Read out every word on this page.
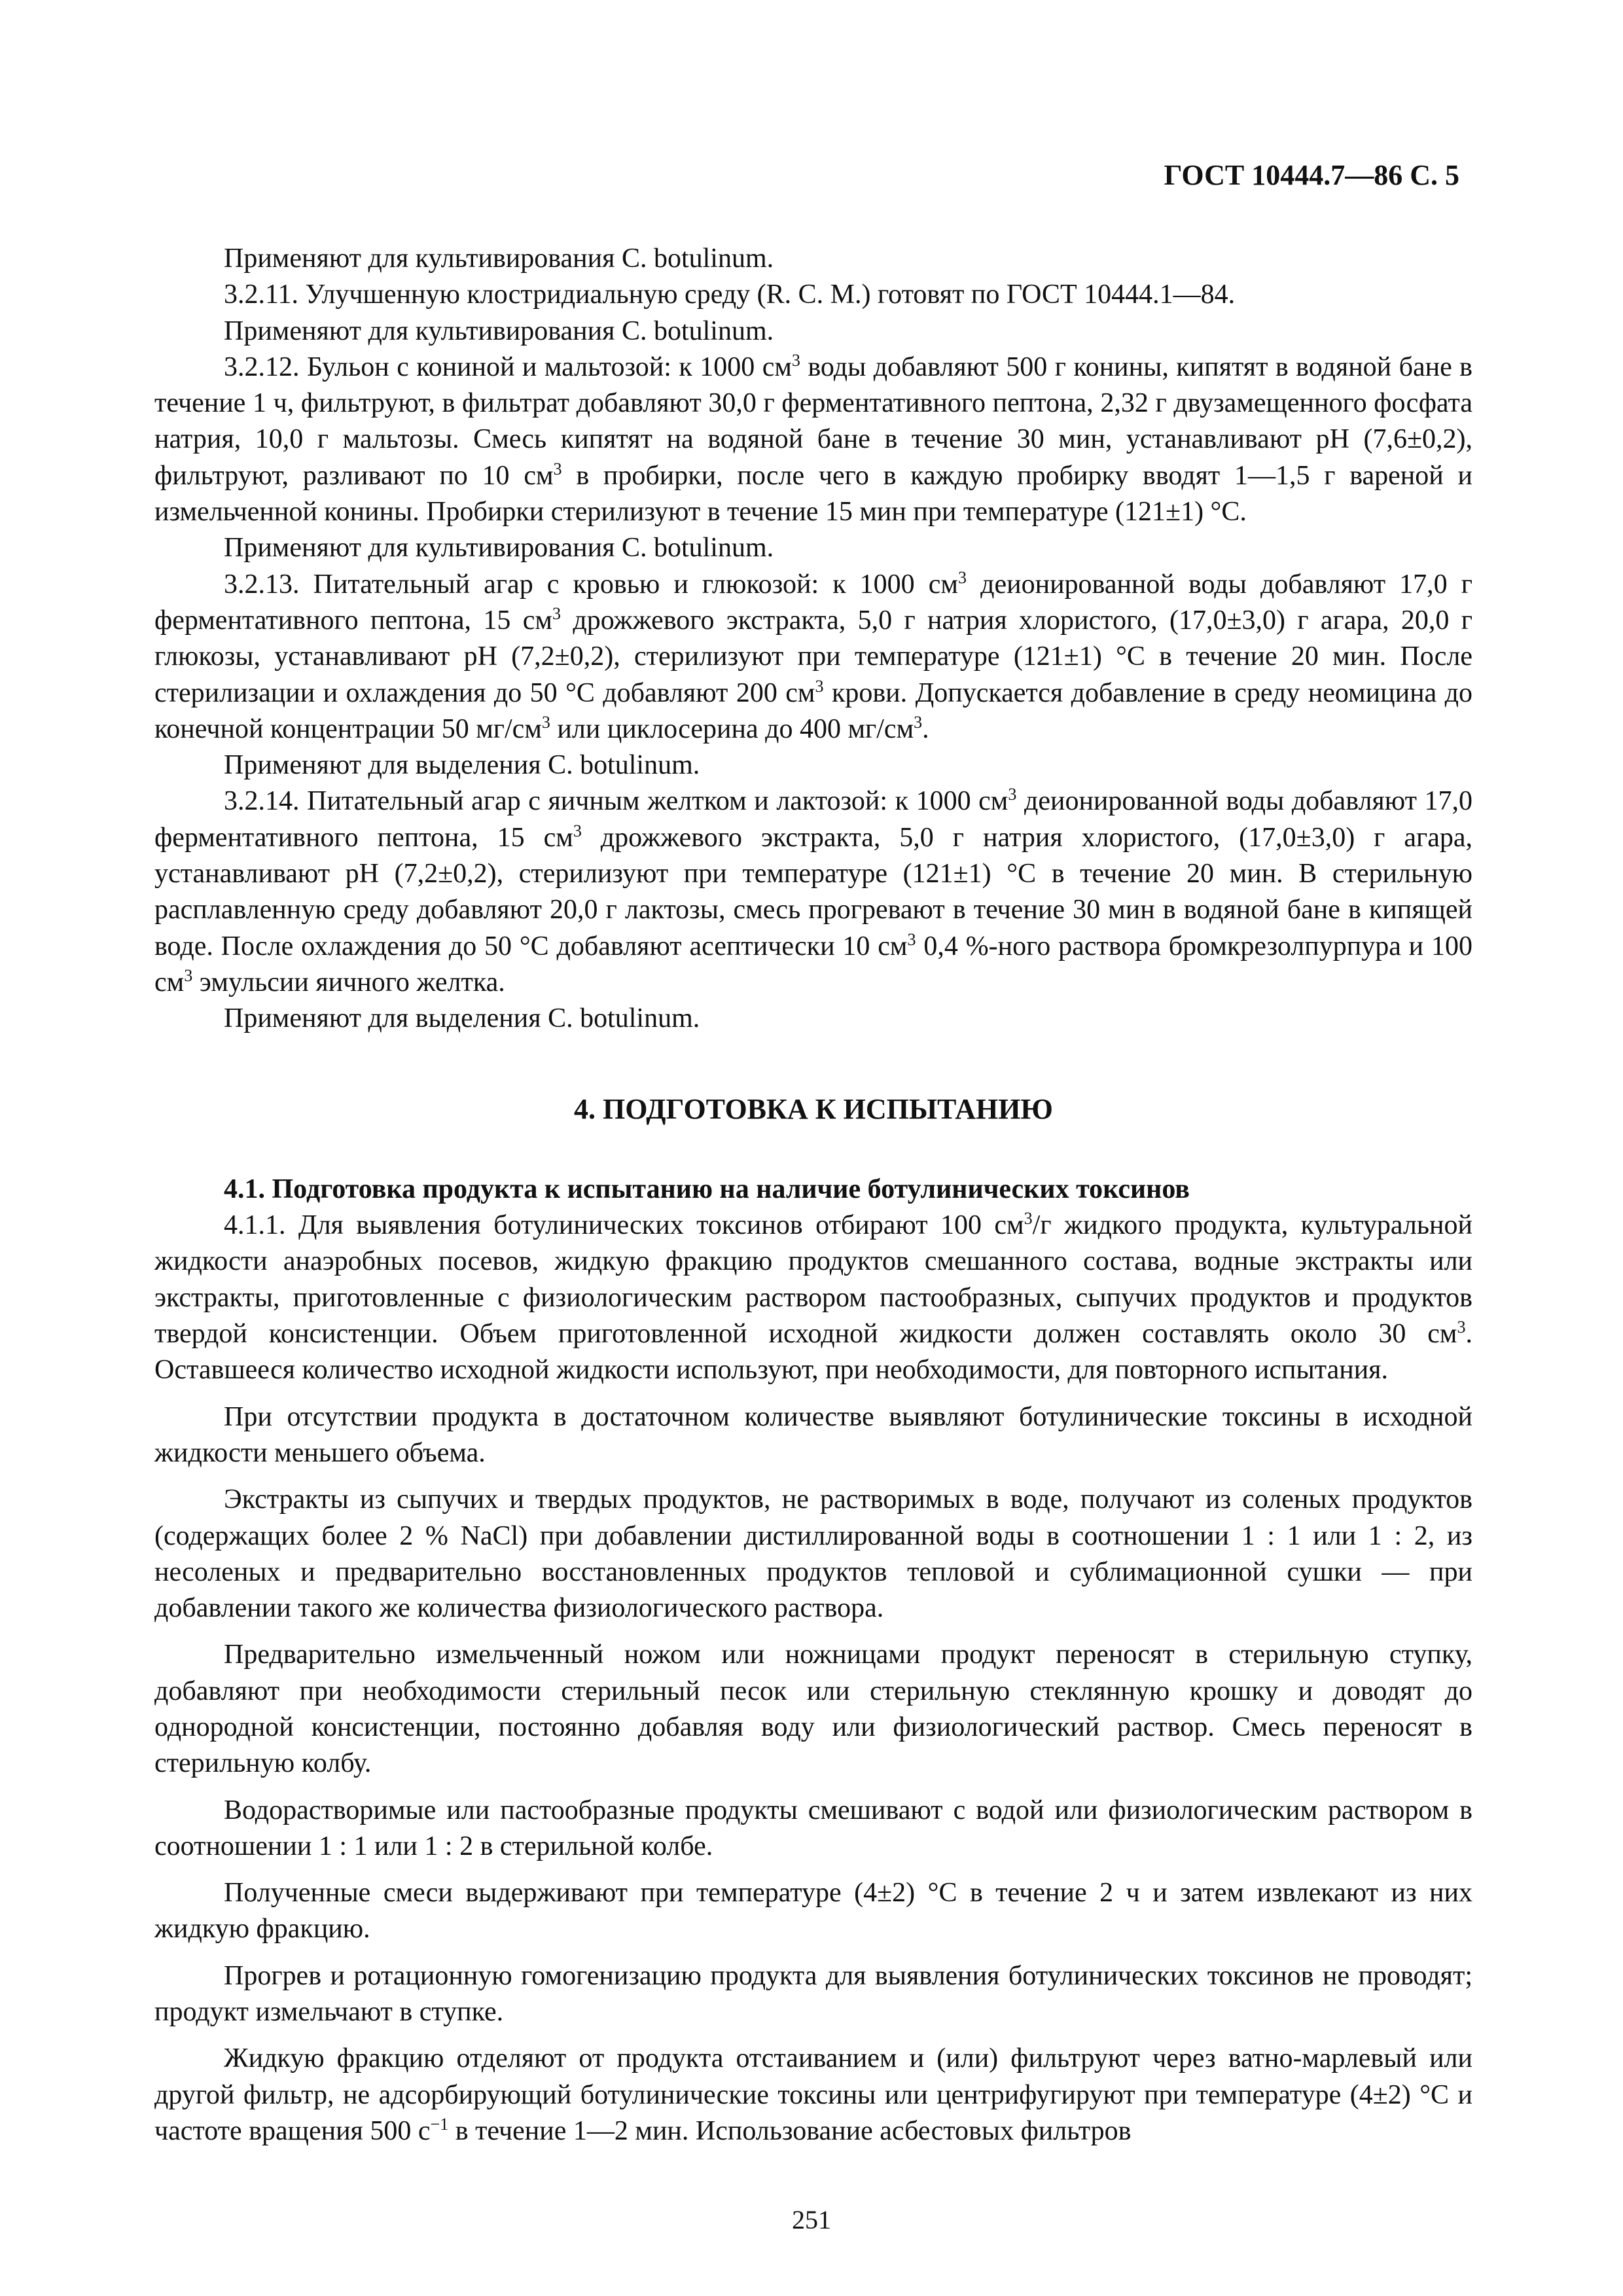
ГОСТ 10444.7—86 С. 5

Применяют для культивирования C. botulinum.

3.2.11. Улучшенную клостридиальную среду (R. C. M.) готовят по ГОСТ 10444.1—84.

Применяют для культивирования C. botulinum.

3.2.12. Бульон с кониной и мальтозой: к 1000 $см^3$ воды добавляют 500 г конины, кипятят в водяной бане в течение 1 ч, фильтруют, в фильтрат добавляют 30,0 г ферментативного пептона, 2,32 г двузамещенного фосфата натрия, 10,0 г мальтозы. Смесь кипятят на водяной бане в течение 30 мин, устанавливают pH (7,6±0,2), фильтруют, разливают по 10 $см^3$ в пробирки, после чего в каждую пробирку вводят 1—1,5 г вареной и измельченной конины. Пробирки стерилизуют в течение 15 мин при температуре (121±1) °С.

Применяют для культивирования C. botulinum.

3.2.13. Питательный агар с кровью и глюкозой: к 1000 $см^3$ деионированной воды добавляют 17,0 г ферментативного пептона, 15 $см^3$ дрожжевого экстракта, 5,0 г натрия хлористого, (17,0±3,0) г агара, 20,0 г глюкозы, устанавливают pH (7,2±0,2), стерилизуют при температуре (121±1) °С в течение 20 мин. После стерилизации и охлаждения до 50 °С добавляют 200 $см^3$ крови. Допускается добавление в среду неомицина до конечной концентрации 50 $мг/см^3$ или циклосерина до 400 $мг/см^3$.

Применяют для выделения C. botulinum.

3.2.14. Питательный агар с яичным желтком и лактозой: к 1000 $см^3$ деионированной воды добавляют 17,0 ферментативного пептона, 15 $см^3$ дрожжевого экстракта, 5,0 г натрия хлористого, (17,0±3,0) г агара, устанавливают pH (7,2±0,2), стерилизуют при температуре (121±1) °С в течение 20 мин. В стерильную расплавленную среду добавляют 20,0 г лактозы, смесь прогревают в течение 30 мин в водяной бане в кипящей воде. После охлаждения до 50 °С добавляют асептически 10 $см^3$ 0,4 %-ного раствора бромкрезолпурпура и 100 $см^3$ эмульсии яичного желтка.

Применяют для выделения C. botulinum.

4. ПОДГОТОВКА К ИСПЫТАНИЮ

4.1. Подготовка продукта к испытанию на наличие ботулинических токсинов

4.1.1. Для выявления ботулинических токсинов отбирают 100 $см^3/г$ жидкого продукта, культуральной жидкости анаэробных посевов, жидкую фракцию продуктов смешанного состава, водные экстракты или экстракты, приготовленные с физиологическим раствором пастообразных, сыпучих продуктов и продуктов твердой консистенции. Объем приготовленной исходной жидкости должен составлять около 30 $см^3$. Оставшееся количество исходной жидкости используют, при необходимости, для повторного испытания.

При отсутствии продукта в достаточном количестве выявляют ботулинические токсины в исходной жидкости меньшего объема.

Экстракты из сыпучих и твердых продуктов, не растворимых в воде, получают из соленых продуктов (содержащих более 2 % NaCl) при добавлении дистиллированной воды в соотношении 1 : 1 или 1 : 2, из несоленых и предварительно восстановленных продуктов тепловой и сублимационной сушки — при добавлении такого же количества физиологического раствора.

Предварительно измельченный ножом или ножницами продукт переносят в стерильную ступку, добавляют при необходимости стерильный песок или стерильную стеклянную крошку и доводят до однородной консистенции, постоянно добавляя воду или физиологический раствор. Смесь переносят в стерильную колбу.

Водорастворимые или пастообразные продукты смешивают с водой или физиологическим раствором в соотношении 1 : 1 или 1 : 2 в стерильной колбе.

Полученные смеси выдерживают при температуре (4±2) °С в течение 2 ч и затем извлекают из них жидкую фракцию.

Прогрев и ротационную гомогенизацию продукта для выявления ботулинических токсинов не проводят; продукт измельчают в ступке.

Жидкую фракцию отделяют от продукта отстаиванием и (или) фильтруют через ватно-марлевый или другой фильтр, не адсорбирующий ботулинические токсины или центрифугируют при температуре (4±2) °С и частоте вращения 500 $с^{-1}$ в течение 1—2 мин. Использование асбестовых фильтров

251
